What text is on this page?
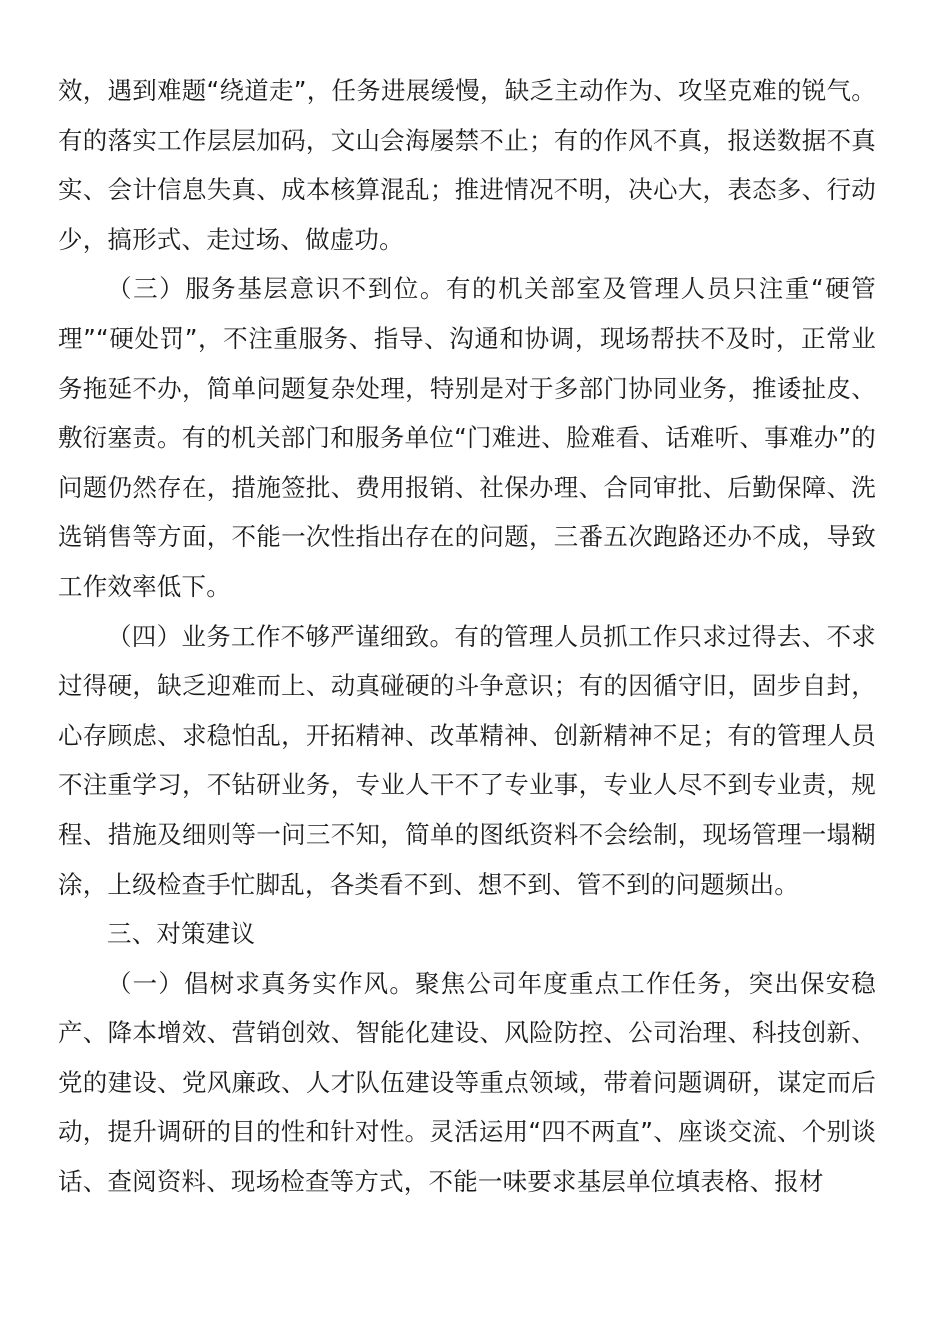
效，遇到难题“绕道走”，任务进展缓慢，缺乏主动作为、攻坚克难的锐气。有的落实工作层层加码，文山会海屡禁不止；有的作风不真，报送数据不真实、会计信息失真、成本核算混乱；推进情况不明，决心大，表态多、行动少，搞形式、走过场、做虚功。

（三）服务基层意识不到位。有的机关部室及管理人员只注重“硬管理”“硬处罚”，不注重服务、指导、沟通和协调，现场帮扶不及时，正常业务拖延不办，简单问题复杂处理，特别是对于多部门协同业务，推诿扯皮、敷衍塞责。有的机关部门和服务单位“门难进、脸难看、话难听、事难办”的问题仍然存在，措施签批、费用报销、社保办理、合同审批、后勤保障、洗选销售等方面，不能一次性指出存在的问题，三番五次跑路还办不成，导致工作效率低下。

（四）业务工作不够严谨细致。有的管理人员抓工作只求过得去、不求过得硬，缺乏迎难而上、动真碰硬的斗争意识；有的因循守旧，固步自封，心存顾虑、求稳怕乱，开拓精神、改革精神、创新精神不足；有的管理人员不注重学习，不钻研业务，专业人干不了专业事，专业人尽不到专业责，规程、措施及细则等一问三不知，简单的图纸资料不会绘制，现场管理一塌糊涂，上级检查手忙脚乱，各类看不到、想不到、管不到的问题频出。

三、对策建议

（一）倡树求真务实作风。聚焦公司年度重点工作任务，突出保安稳产、降本增效、营销创效、智能化建设、风险防控、公司治理、科技创新、党的建设、党风廉政、人才队伍建设等重点领域，带着问题调研，谋定而后动，提升调研的目的性和针对性。灵活运用“四不两直”、座谈交流、个别谈话、查阅资料、现场检查等方式，不能一味要求基层单位填表格、报材
